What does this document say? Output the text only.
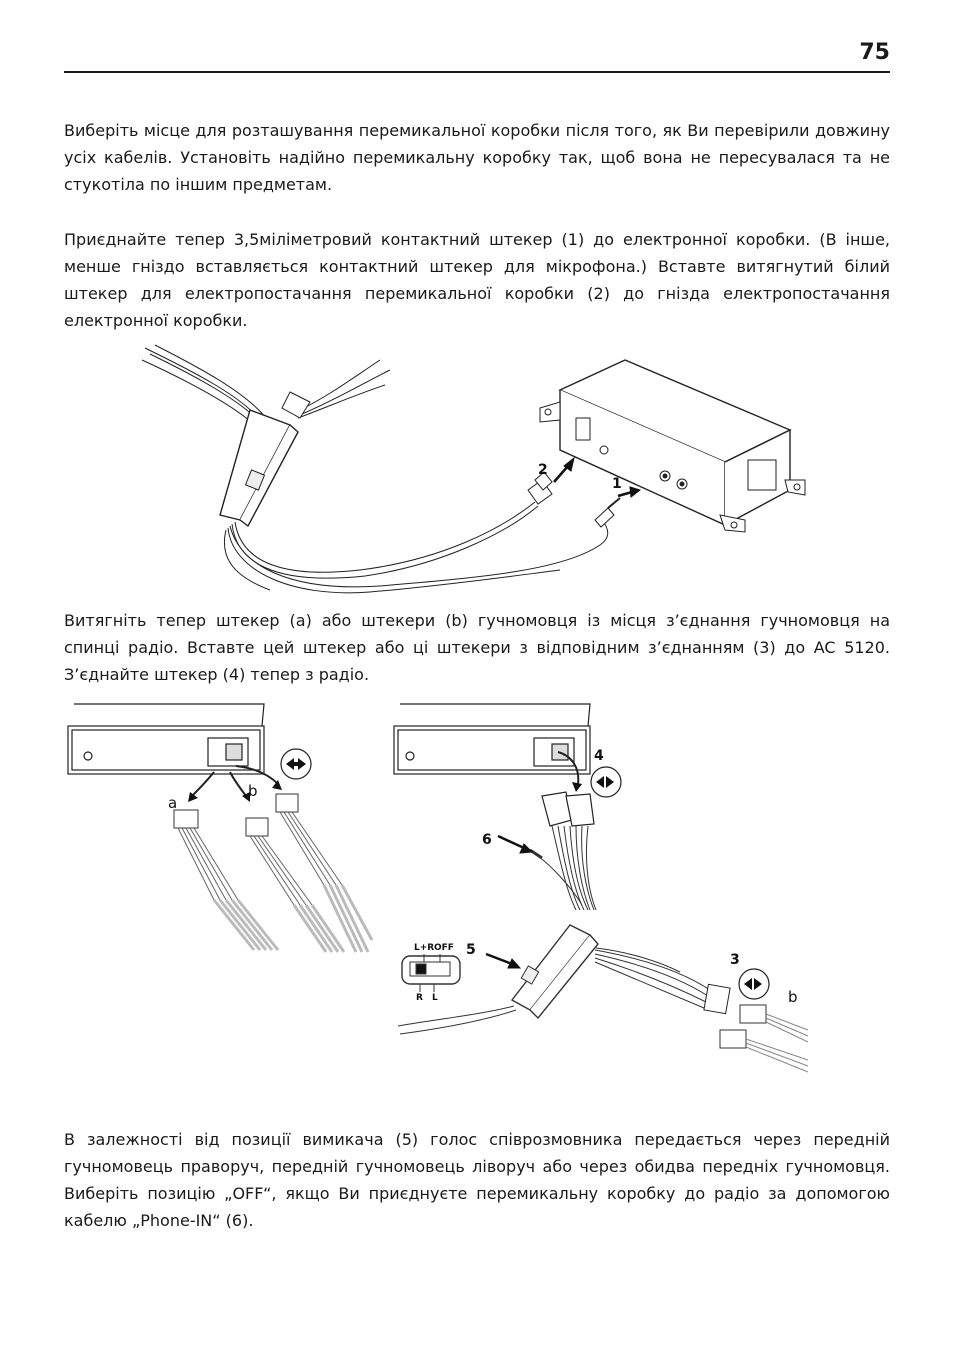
75

Виберіть місце для розташування перемикальної коробки після того, як Ви перевірили довжину усіх кабелів. Установіть надійно перемикальну коробку так, щоб вона не пересувалася та не стукотіла по іншим предметам.

Приєднайте тепер 3,5міліметровий контактний штекер (1) до електронної коробки. (В інше, менше гніздо вставляється контактний штекер для мікрофона.) Вставте витягнутий білий штекер для електропостачання перемикальної коробки (2) до гнізда електропостачання електронної коробки.

2
1

Витягніть тепер штекер (а) або штекери (b) гучномовця із місця з’єднання гучномовця на спинці радіо. Вставте цей штекер або ці штекери з відповідним з’єднанням (3) до AC 5120. З’єднайте штекер (4) тепер з радіо.

a
b
4
6
5
3
b
L+R OFF
R L

В залежності від позиції вимикача (5) голос співрозмовника передається через передній гучномовець праворуч, передній гучномовець ліворуч або через обидва передніх гучномовця. Виберіть позицію „OFF“, якщо Ви приєднуєте перемикальну коробку до радіо за допомогою кабелю „Phone-IN“ (6).
